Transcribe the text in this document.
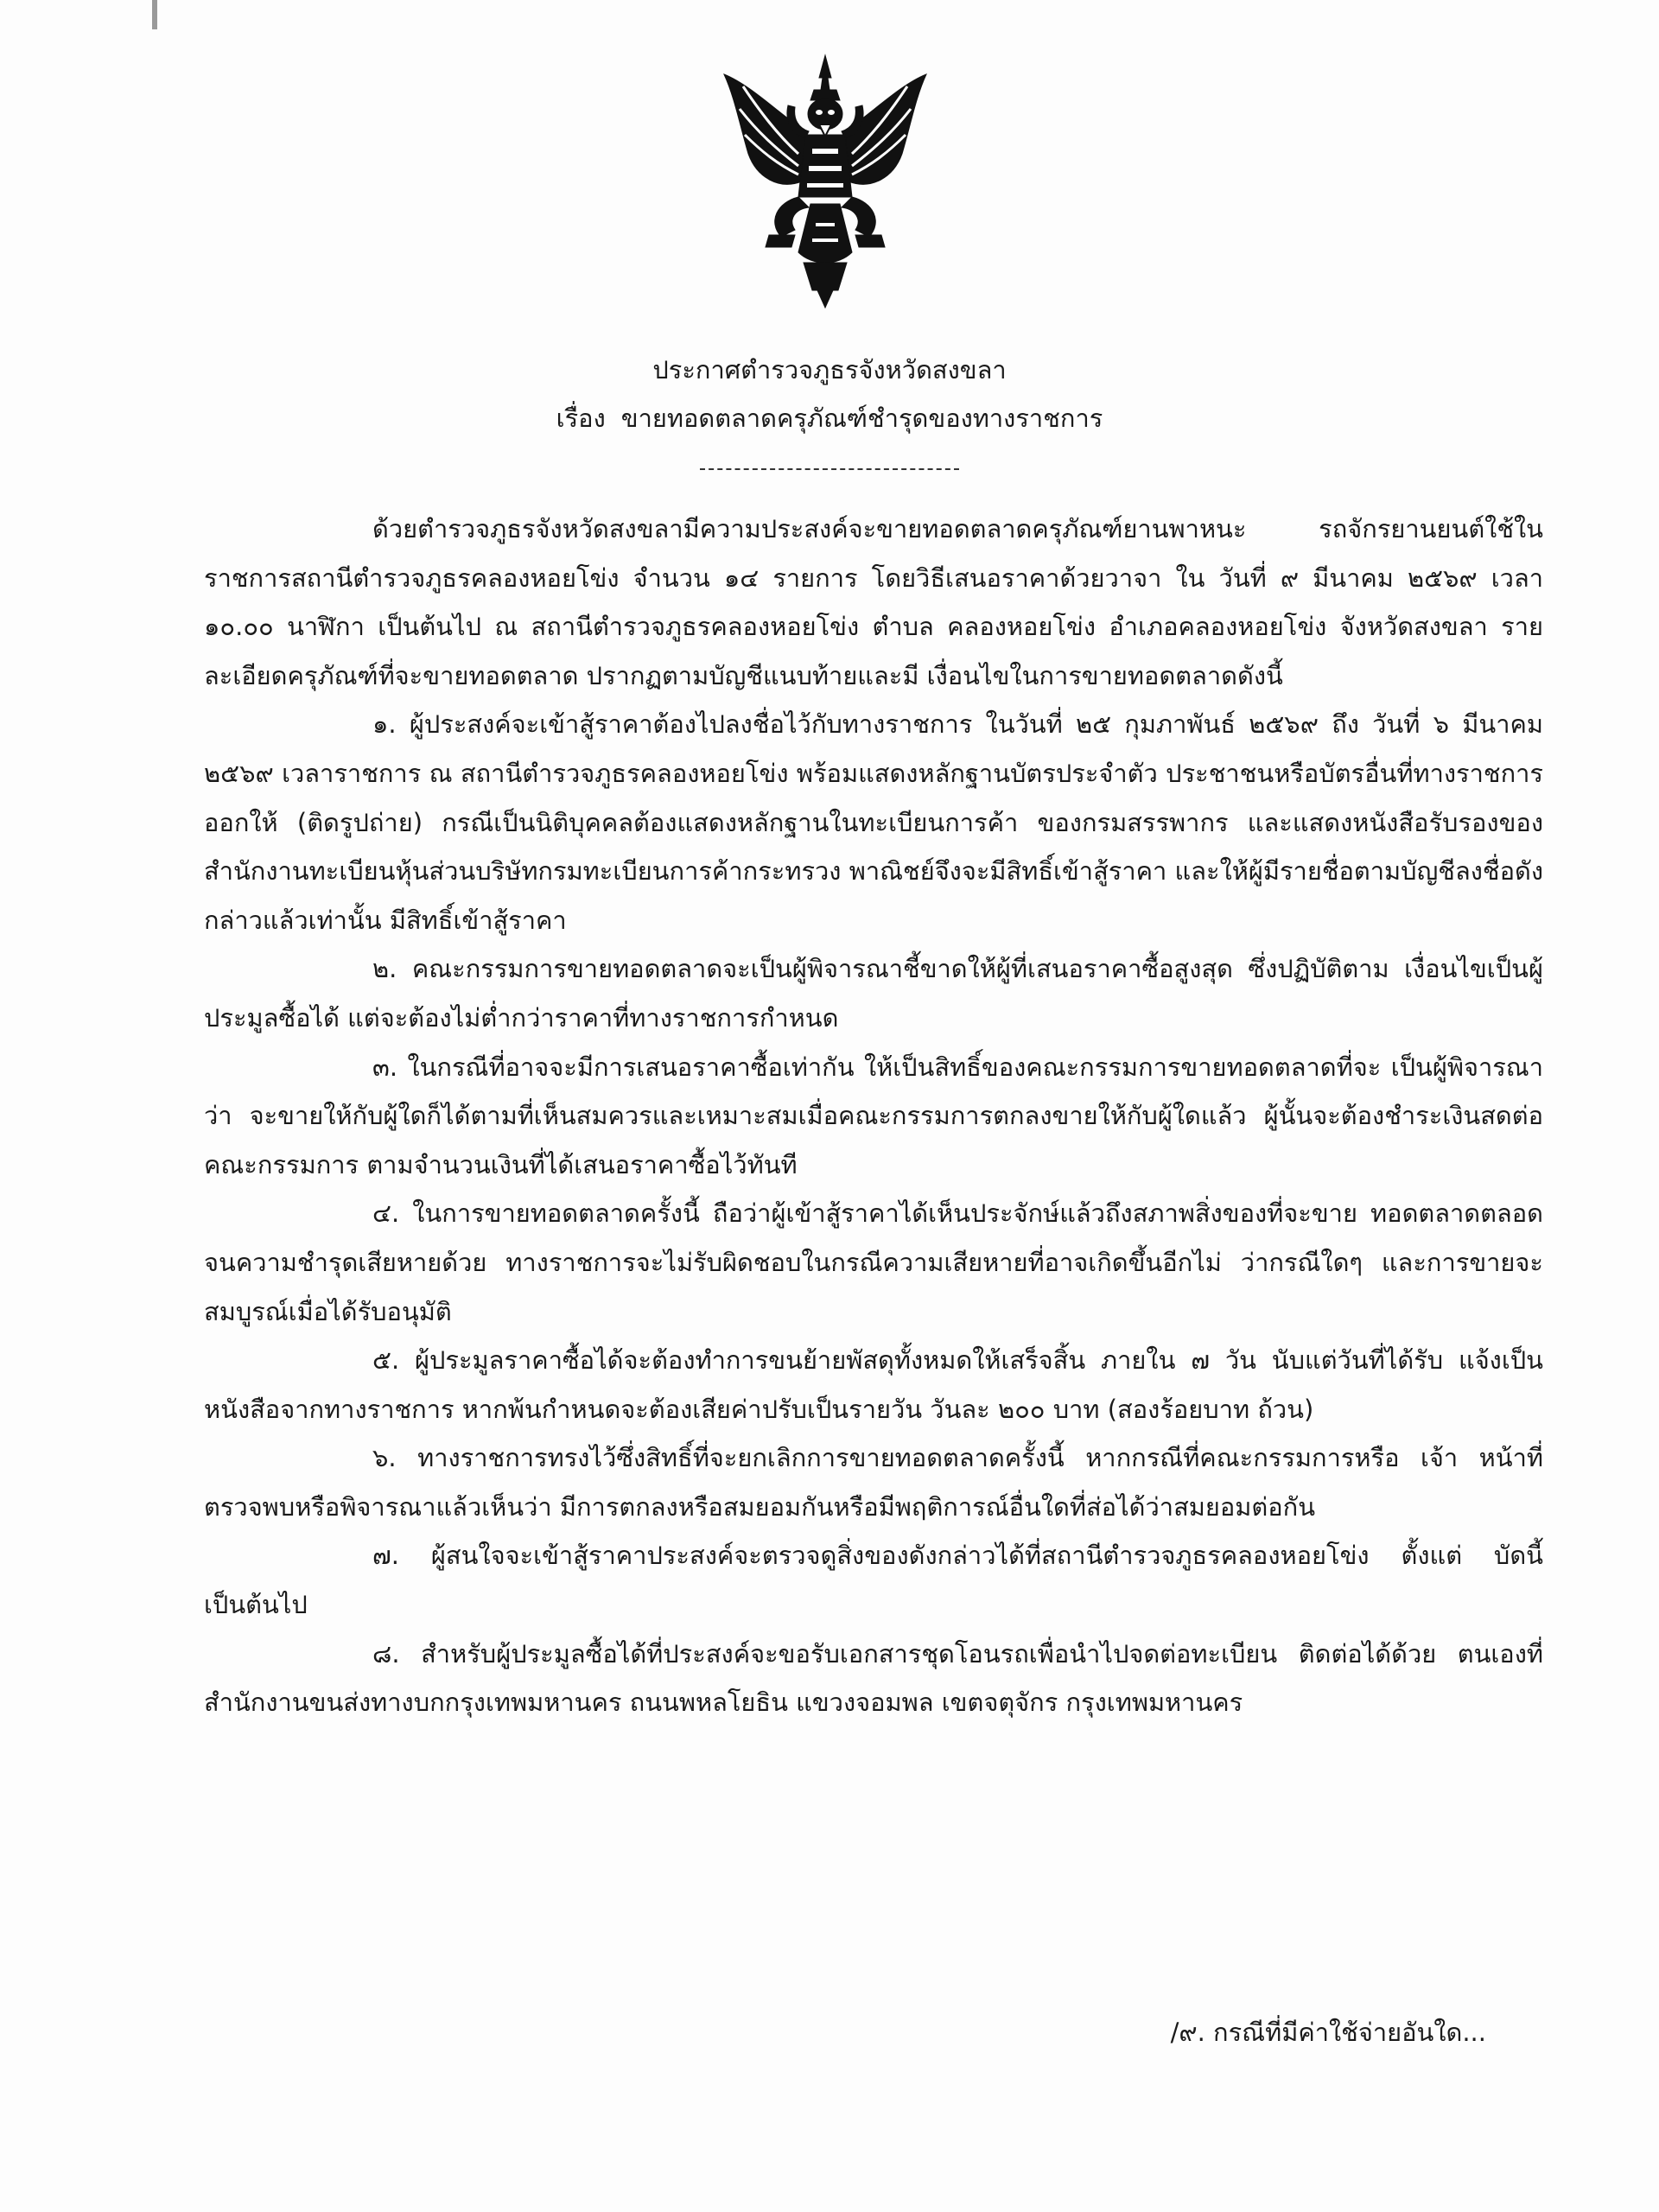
ประกาศตำรวจภูธรจังหวัดสงขลา
เรื่อง ขายทอดตลาดครุภัณฑ์ชำรุดของทางราชการ

ด้วยตำรวจภูธรจังหวัดสงขลามีความประสงค์จะขายทอดตลาดครุภัณฑ์ยานพาหนะ รถจักรยานยนต์ใช้ในราชการสถานีตำรวจภูธรคลองหอยโข่ง จำนวน ๑๔ รายการ โดยวิธีเสนอราคาด้วยวาจา ใน วันที่ ๙ มีนาคม ๒๕๖๙ เวลา ๑๐.๐๐ นาฬิกา เป็นต้นไป ณ สถานีตำรวจภูธรคลองหอยโข่ง ตำบล คลองหอยโข่ง อำเภอคลองหอยโข่ง จังหวัดสงขลา รายละเอียดครุภัณฑ์ที่จะขายทอดตลาด ปรากฏตามบัญชีแนบท้ายและมี เงื่อนไขในการขายทอดตลาดดังนี้

๑. ผู้ประสงค์จะเข้าสู้ราคาต้องไปลงชื่อไว้กับทางราชการ ในวันที่ ๒๕ กุมภาพันธ์ ๒๕๖๙ ถึง วันที่ ๖ มีนาคม ๒๕๖๙ เวลาราชการ ณ สถานีตำรวจภูธรคลองหอยโข่ง พร้อมแสดงหลักฐานบัตรประจำตัว ประชาชนหรือบัตรอื่นที่ทางราชการออกให้ (ติดรูปถ่าย) กรณีเป็นนิติบุคคลต้องแสดงหลักฐานในทะเบียนการค้า ของกรมสรรพากร และแสดงหนังสือรับรองของสำนักงานทะเบียนหุ้นส่วนบริษัทกรมทะเบียนการค้ากระทรวง พาณิชย์จึงจะมีสิทธิ์เข้าสู้ราคา และให้ผู้มีรายชื่อตามบัญชีลงชื่อดังกล่าวแล้วเท่านั้น มีสิทธิ์เข้าสู้ราคา

๒. คณะกรรมการขายทอดตลาดจะเป็นผู้พิจารณาชี้ขาดให้ผู้ที่เสนอราคาซื้อสูงสุด ซึ่งปฏิบัติตาม เงื่อนไขเป็นผู้ประมูลซื้อได้ แต่จะต้องไม่ต่ำกว่าราคาที่ทางราชการกำหนด

๓. ในกรณีที่อาจจะมีการเสนอราคาซื้อเท่ากัน ให้เป็นสิทธิ์ของคณะกรรมการขายทอดตลาดที่จะ เป็นผู้พิจารณาว่า จะขายให้กับผู้ใดก็ได้ตามที่เห็นสมควรและเหมาะสมเมื่อคณะกรรมการตกลงขายให้กับผู้ใดแล้ว ผู้นั้นจะต้องชำระเงินสดต่อคณะกรรมการ ตามจำนวนเงินที่ได้เสนอราคาซื้อไว้ทันที

๔. ในการขายทอดตลาดครั้งนี้ ถือว่าผู้เข้าสู้ราคาได้เห็นประจักษ์แล้วถึงสภาพสิ่งของที่จะขาย ทอดตลาดตลอดจนความชำรุดเสียหายด้วย ทางราชการจะไม่รับผิดชอบในกรณีความเสียหายที่อาจเกิดขึ้นอีกไม่ ว่ากรณีใดๆ และการขายจะสมบูรณ์เมื่อได้รับอนุมัติ

๕. ผู้ประมูลราคาซื้อได้จะต้องทำการขนย้ายพัสดุทั้งหมดให้เสร็จสิ้น ภายใน ๗ วัน นับแต่วันที่ได้รับ แจ้งเป็นหนังสือจากทางราชการ หากพ้นกำหนดจะต้องเสียค่าปรับเป็นรายวัน วันละ ๒๐๐ บาท (สองร้อยบาท ถ้วน)

๖. ทางราชการทรงไว้ซึ่งสิทธิ์ที่จะยกเลิกการขายทอดตลาดครั้งนี้ หากกรณีที่คณะกรรมการหรือ เจ้า หน้าที่ตรวจพบหรือพิจารณาแล้วเห็นว่า มีการตกลงหรือสมยอมกันหรือมีพฤติการณ์อื่นใดที่ส่อได้ว่าสมยอมต่อกัน

๗. ผู้สนใจจะเข้าสู้ราคาประสงค์จะตรวจดูสิ่งของดังกล่าวได้ที่สถานีตำรวจภูธรคลองหอยโข่ง ตั้งแต่ บัดนี้ เป็นต้นไป

๘. สำหรับผู้ประมูลซื้อได้ที่ประสงค์จะขอรับเอกสารชุดโอนรถเพื่อนำไปจดต่อทะเบียน ติดต่อได้ด้วย ตนเองที่สำนักงานขนส่งทางบกกรุงเทพมหานคร ถนนพหลโยธิน แขวงจอมพล เขตจตุจักร กรุงเทพมหานคร

/๙. กรณีที่มีค่าใช้จ่ายอันใด...
